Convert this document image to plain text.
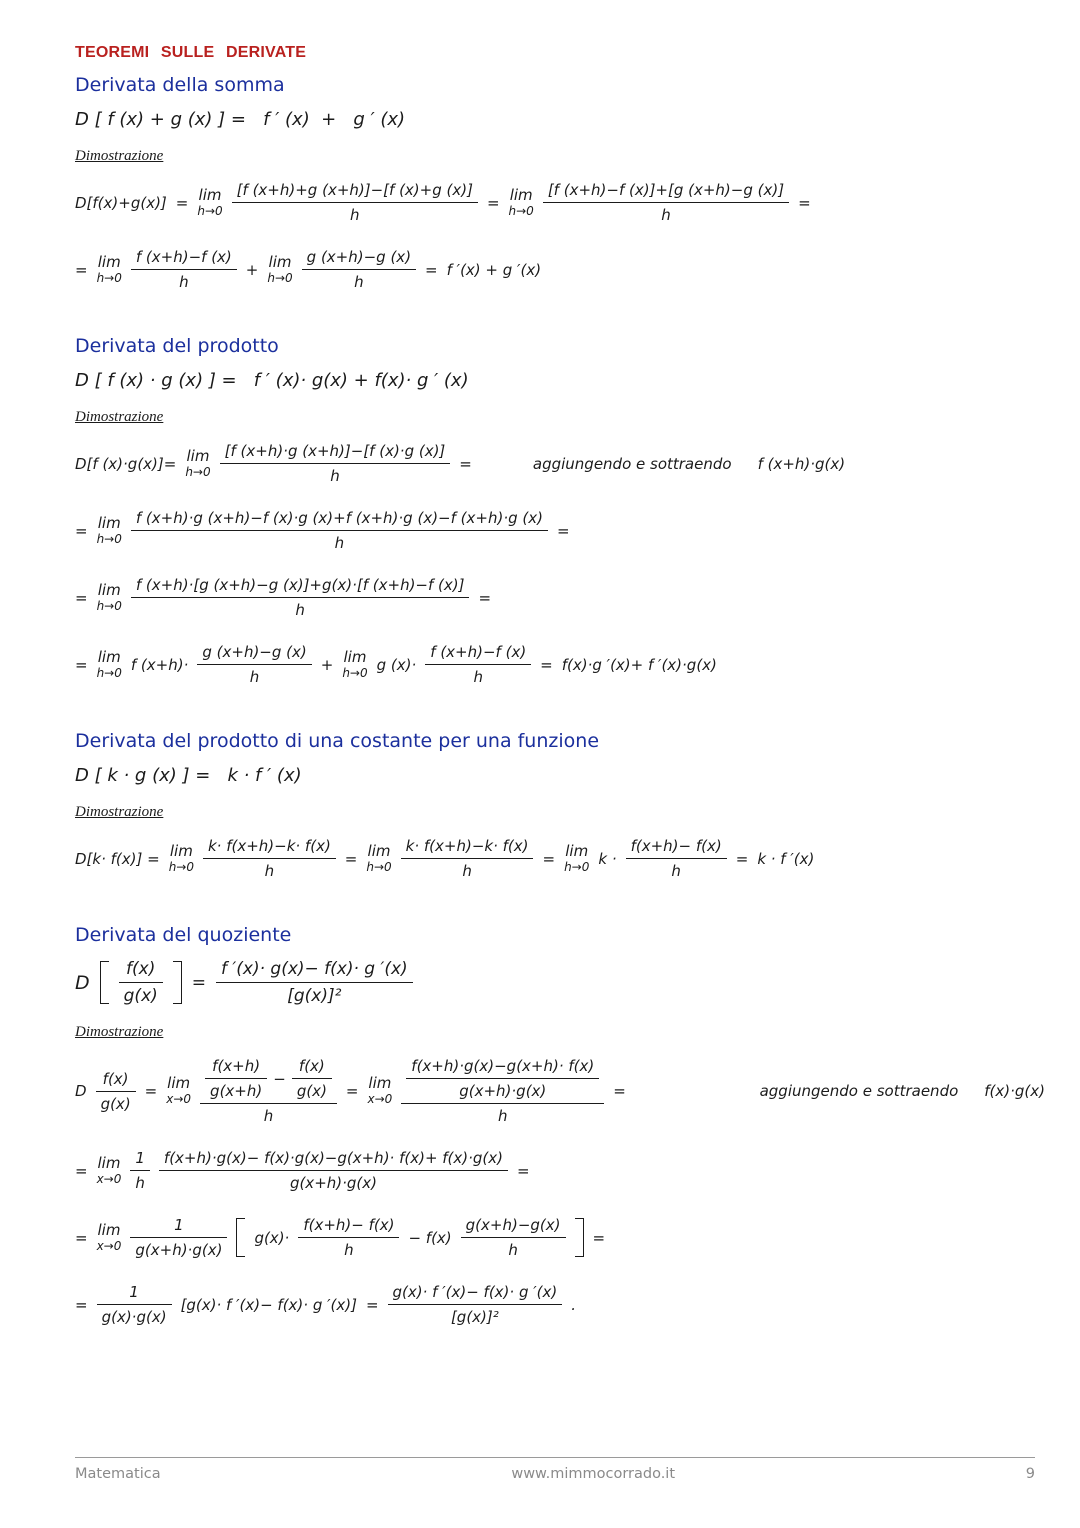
TEOREMI SULLE DERIVATE
Derivata della somma
D [ f (x) + g (x) ] =   f ′ (x)  +   g ′ (x)
Dimostrazione
D[f(x)+g(x)] = lim
$h\to 0 \frac{[f (x+h)+g (x+h)]-[f (x)+g (x)]}{h} = \lim$
$h\to 0 \frac{[f (x+h)-f (x)]+[g (x+h)-g (x)]}{h}$ =
= lim
$h\to 0 \frac{f (x+h)-f (x)}{h} + \lim$
$h\to 0 \frac{g (x+h)-g (x)}{h} = f$ ′(x) + g ′(x)
Derivata del prodotto
D [ f (x) · g (x) ] =   f ′ (x)· g(x) + f(x)· g ′ (x)
Dimostrazione
D[f (x)·g(x)]= lim
$h\to 0 \frac{[f (x+h)\cdot g (x+h)]-[f (x)\cdot g (x)]}{h}$ =	aggiungendo e sottraendo f (x+h)·g(x)
= lim
$h\to 0 \frac{f (x+h)\cdot g (x+h)-f (x)\cdot g (x)+f (x+h)\cdot g (x)-f (x+h)\cdot g (x)}{h}$ =
= lim
$h\to 0 \frac{f (x+h)\cdot[g (x+h)-g (x)]+g(x)\cdot[f (x+h)-f (x)]}{h}$ =
= lim
h→0 f $(x+h)\cdot \frac{g (x+h)-g (x)}{h} + \lim$
h→0 g $(x)\cdot \frac{f (x+h)-f (x)}{h} = f(x)\cdot g$ ′(x)+ f ′(x)·g(x)
Derivata del prodotto di una costante per una funzione
D [ k · g (x) ] =   k · f ′ (x)
Dimostrazione
D[k· f(x)] = lim
$h\to 0 \frac{k\cdot f(x+h)-k\cdot f(x)}{h} = \lim$
$h\to 0 \frac{k\cdot f(x+h)-k\cdot f(x)}{h} = \lim$
h→0 $k \cdot \frac{f(x+h)- f(x)}{h} = k \cdot f$ ′(x)
Derivata del quoziente
D $\frac{f(x)}{g(x)} = \frac{f '(x)\cdot g(x)- f(x)\cdot g '(x)}{\text{[g(x)]²}}$
Dimostrazione
D $\frac{f(x)}{g(x)} = \lim$
$x\to 0 \frac{f(x+h)}{g(x+h)} - \frac{f(x)}{g(x)}$
h
= lim
$x\to 0 \frac{\frac{f(x+h)\cdot g(x)-g(x+h)\cdot f(x)}{g(x+h)\cdot g(x)}}{h}$ =	aggiungendo e sottraendo f(x)·g(x)
= lim
$x\to 0 \frac{1}{h} \frac{f(x+h)\cdot g(x)- f(x)\cdot g(x)-g(x+h)\cdot f(x)+ f(x)\cdot g(x)}{g(x+h)\cdot g(x)}$ =
= lim
$x\to 0 \frac{1}{g(x+h)\cdot g(x)} g(x)\cdot \frac{f(x+h)- f(x)}{h} - f(x) \frac{g(x+h)-g(x)}{h}$ =
= $\frac{1}{g(x)\cdot g(x)} [g(x)\cdot f$ ′(x)− f(x)· g $'(x)] = \frac{g(x)\cdot f '(x)- f(x)\cdot g '(x)}{\text{[g(x)]²}}$ .
Matematica	www.mimmocorrado.it	9
